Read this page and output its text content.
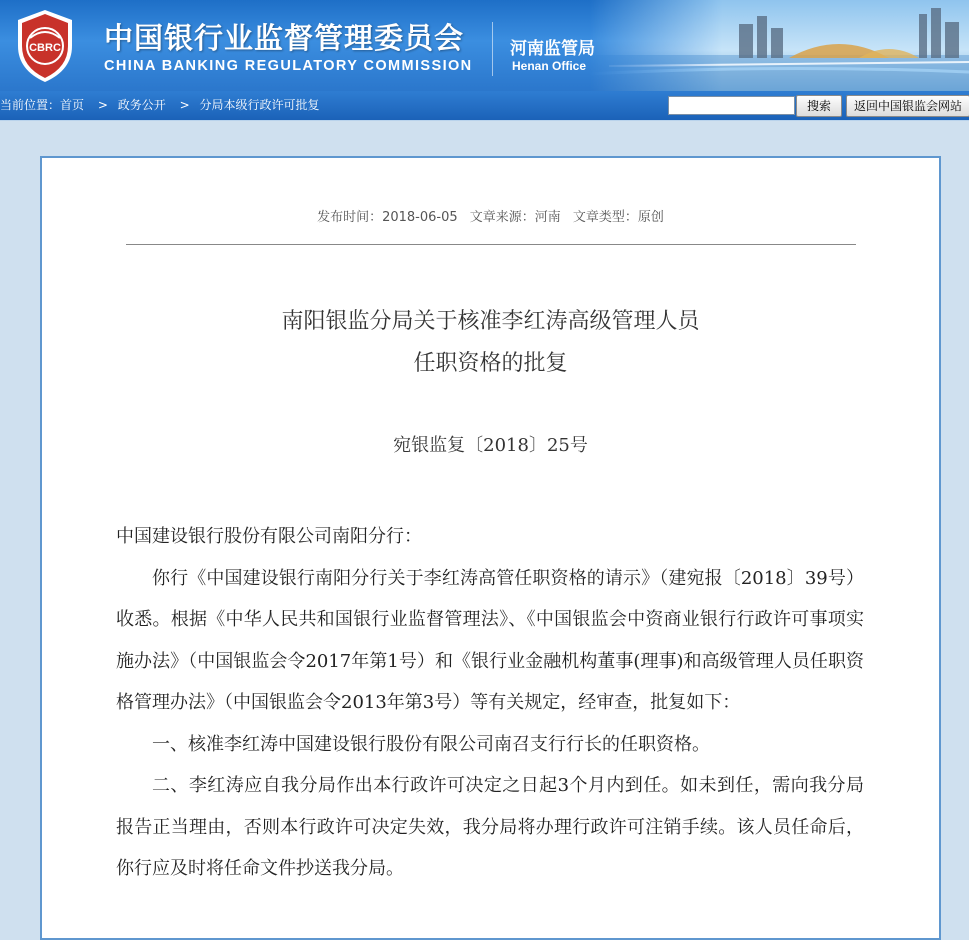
CBRC 中国银行业监督管理委员会
CHINA BANKING REGULATORY COMMISSION
河南监管局
Henan Office
当前位置：首页 > 政务公开 > 分局本级行政许可批复	搜索	返回中国银监会网站
发布时间：2018-06-05 文章来源：河南 文章类型：原创
南阳银监分局关于核准李红涛高级管理人员
任职资格的批复
宛银监复〔2018〕25号

中国建设银行股份有限公司南阳分行：

你行《中国建设银行南阳分行关于李红涛高管任职资格的请示》（建宛报〔2018〕39号）收悉。根据《中华人民共和国银行业监督管理法》、《中国银监会中资商业银行行政许可事项实施办法》（中国银监会令2017年第1号）和《银行业金融机构董事(理事)和高级管理人员任职资格管理办法》（中国银监会令2013年第3号）等有关规定，经审查，批复如下：

一、核准李红涛中国建设银行股份有限公司南召支行行长的任职资格。

二、李红涛应自我分局作出本行政许可决定之日起3个月内到任。如未到任，需向我分局报告正当理由，否则本行政许可决定失效，我分局将办理行政许可注销手续。该人员任命后，你行应及时将任命文件抄送我分局。
